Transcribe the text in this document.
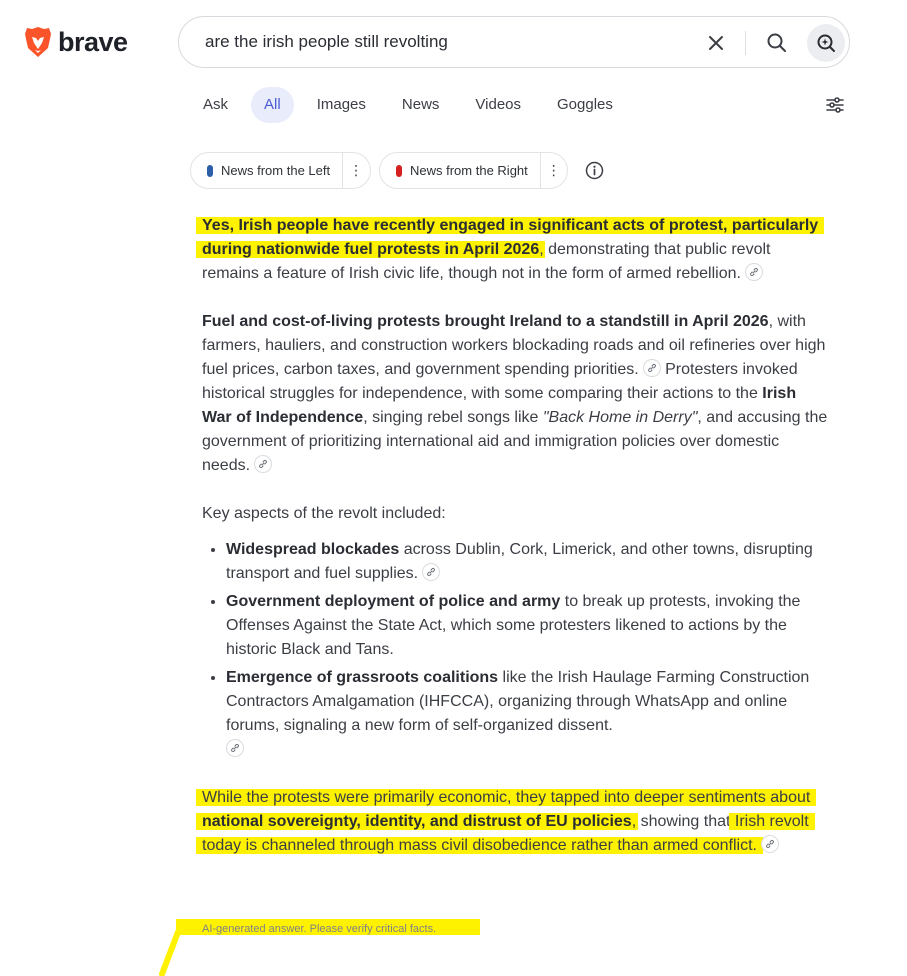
brave
are the irish people still revolting
Ask	All	Images	News	Videos	Goggles
News from the Left	⋮	News from the Right	⋮

Yes, Irish people have recently engaged in significant acts of protest, particularly during nationwide fuel protests in April 2026, demonstrating that public revolt remains a feature of Irish civic life, though not in the form of armed rebellion.

Fuel and cost-of-living protests brought Ireland to a standstill in April 2026, with farmers, hauliers, and construction workers blockading roads and oil refineries over high fuel prices, carbon taxes, and government spending priorities.
Protesters invoked historical struggles for independence, with some comparing their actions to the Irish War of Independence, singing rebel songs like "Back Home in Derry", and accusing the government of prioritizing international aid and immigration policies over domestic needs.

Key aspects of the revolt included:

• Widespread blockades across Dublin, Cork, Limerick, and other towns, disrupting transport and fuel supplies.
• Government deployment of police and army to break up protests, invoking the Offenses Against the State Act, which some protesters likened to actions by the historic Black and Tans.
• Emergence of grassroots coalitions like the Irish Haulage Farming Construction Contractors Amalgamation (IHFCCA), organizing through WhatsApp and online forums, signaling a new form of self-organized dissent.

While the protests were primarily economic, they tapped into deeper sentiments about national sovereignty, identity, and distrust of EU policies, showing that Irish revolt today is channeled through mass civil disobedience rather than armed conflict.

AI-generated answer. Please verify critical facts.
